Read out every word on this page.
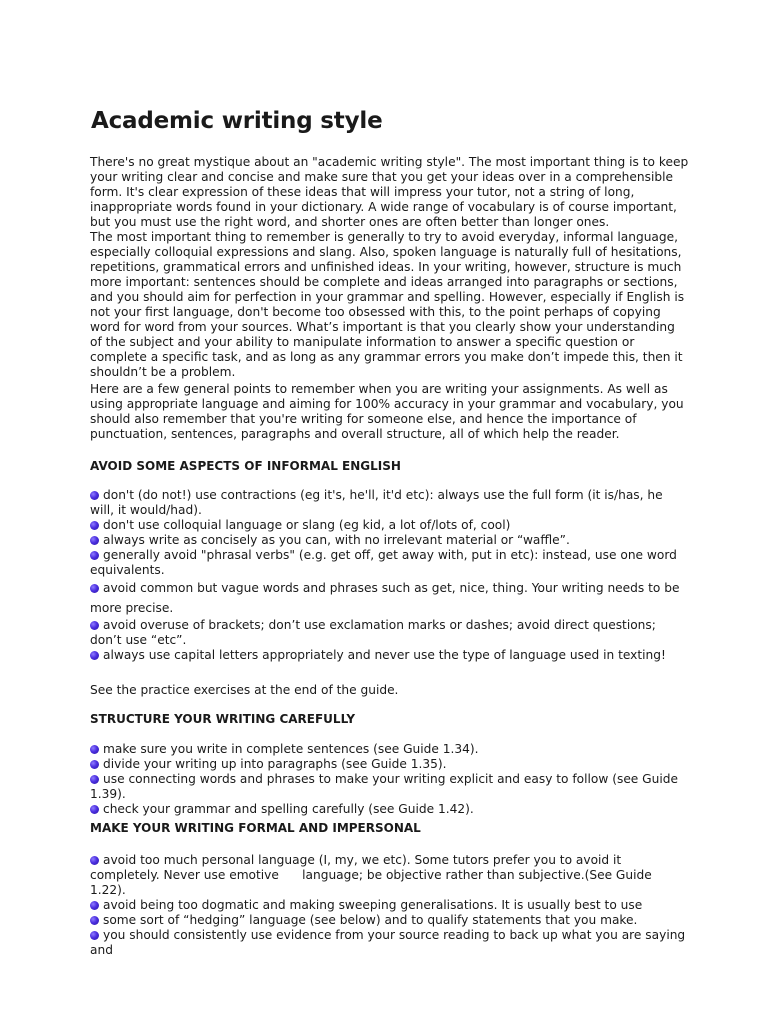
Academic writing style

There's no great mystique about an "academic writing style". The most important thing is to keep your writing clear and concise and make sure that you get your ideas over in a comprehensible form. It's clear expression of these ideas that will impress your tutor, not a string of long, inappropriate words found in your dictionary. A wide range of vocabulary is of course important, but you must use the right word, and shorter ones are often better than longer ones.

The most important thing to remember is generally to try to avoid everyday, informal language, especially colloquial expressions and slang. Also, spoken language is naturally full of hesitations, repetitions, grammatical errors and unfinished ideas. In your writing, however, structure is much more important: sentences should be complete and ideas arranged into paragraphs or sections, and you should aim for perfection in your grammar and spelling. However, especially if English is not your first language, don't become too obsessed with this, to the point perhaps of copying word for word from your sources. What’s important is that you clearly show your understanding of the subject and your ability to manipulate information to answer a specific question or complete a specific task, and as long as any grammar errors you make don’t impede this, then it shouldn’t be a problem.

Here are a few general points to remember when you are writing your assignments. As well as using appropriate language and aiming for 100% accuracy in your grammar and vocabulary, you should also remember that you're writing for someone else, and hence the importance of punctuation, sentences, paragraphs and overall structure, all of which help the reader.

AVOID SOME ASPECTS OF INFORMAL ENGLISH
don't (do not!) use contractions (eg it's, he'll, it'd etc): always use the full form (it is/has, he will, it would/had).
don't use colloquial language or slang (eg kid, a lot of/lots of, cool)
always write as concisely as you can, with no irrelevant material or “waffle”.
generally avoid "phrasal verbs" (e.g. get off, get away with, put in etc): instead, use one word equivalents.
avoid common but vague words and phrases such as get, nice, thing. Your writing needs to be more precise.
avoid overuse of brackets; don’t use exclamation marks or dashes; avoid direct questions; don’t use “etc”.
always use capital letters appropriately and never use the type of language used in texting!
See the practice exercises at the end of the guide.
STRUCTURE YOUR WRITING CAREFULLY
make sure you write in complete sentences (see Guide 1.34).
divide your writing up into paragraphs (see Guide 1.35).
use connecting words and phrases to make your writing explicit and easy to follow (see Guide 1.39).
check your grammar and spelling carefully (see Guide 1.42).
MAKE YOUR WRITING FORMAL AND IMPERSONAL
avoid too much personal language (I, my, we etc). Some tutors prefer you to avoid it completely. Never use emotive      language; be objective rather than subjective.(See Guide 1.22).
avoid being too dogmatic and making sweeping generalisations. It is usually best to use
some sort of “hedging” language (see below) and to qualify statements that you make.
you should consistently use evidence from your source reading to back up what you are saying and
